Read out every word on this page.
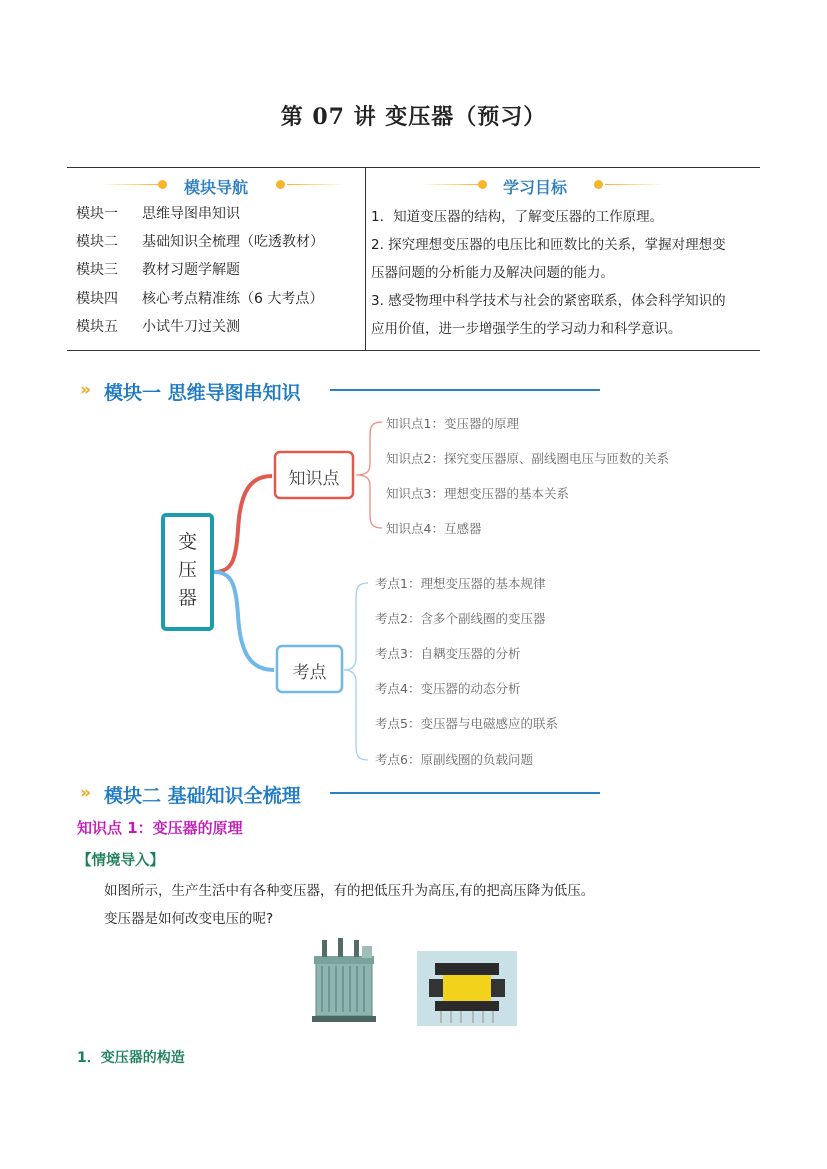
第 07 讲 变压器（预习）
模块导航
模块一 思维导图串知识
模块二 基础知识全梳理（吃透教材）
模块三 教材习题学解题
模块四 核心考点精准练（6 大考点）
模块五 小试牛刀过关测
学习目标
1．知道变压器的结构，了解变压器的工作原理。
2. 探究理想变压器的电压比和匝数比的关系，掌握对理想变
压器问题的分析能力及解决问题的能力。
3. 感受物理中科学技术与社会的紧密联系，体会科学知识的
应用价值，进一步增强学生的学习动力和科学意识。
» 模块一 思维导图串知识
变
压
器
知识点
考点
知识点1：变压器的原理
知识点2：探究变压器原、副线圈电压与匝数的关系
知识点3：理想变压器的基本关系
知识点4：互感器
考点1：理想变压器的基本规律
考点2：含多个副线圈的变压器
考点3：自耦变压器的分析
考点4：变压器的动态分析
考点5：变压器与电磁感应的联系
考点6：原副线圈的负载问题
» 模块二 基础知识全梳理
知识点 1：变压器的原理
【情境导入】
如图所示，生产生活中有各种变压器，有的把低压升为高压,有的把高压降为低压。
变压器是如何改变电压的呢?
1．变压器的构造
